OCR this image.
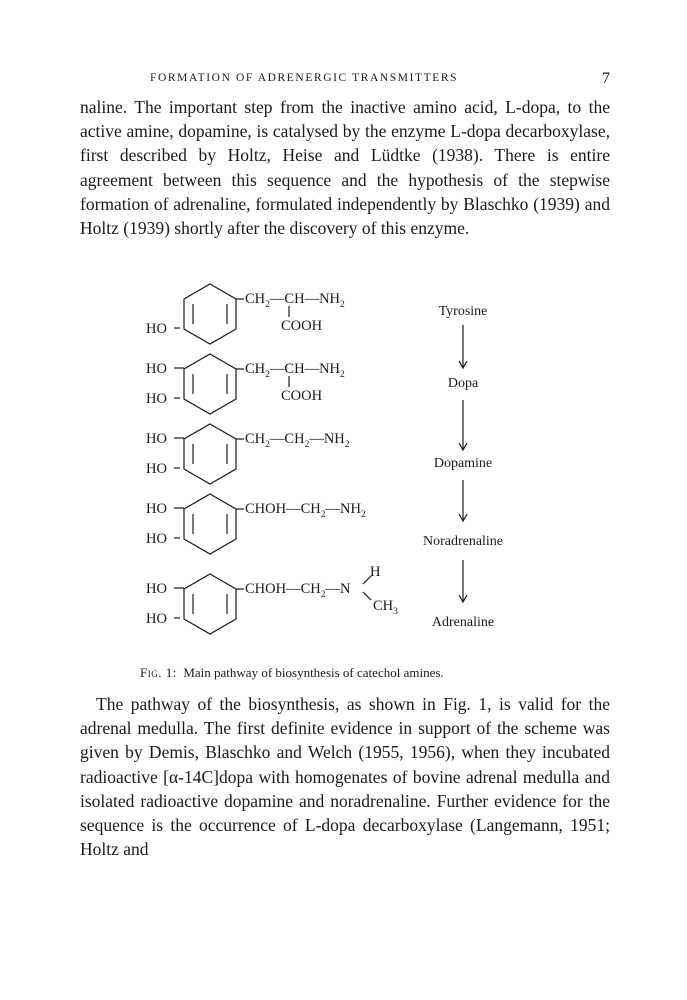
FORMATION OF ADRENERGIC TRANSMITTERS	7

naline. The important step from the inactive amino acid, L-dopa, to the active amine, dopamine, is catalysed by the enzyme L-dopa decarboxylase, first described by Holtz, Heise and Lüdtke (1938). There is entire agreement between this sequence and the hypothesis of the stepwise formation of adrenaline, formulated independently by Blaschko (1939) and Holtz (1939) shortly after the discovery of this enzyme.

HO
$CH_2—CH—NH_2$
COOH
HO
HO
$CH_2—CH—NH_2$
COOH
HO
HO
$CH_2—CH_2—NH_2$
HO
HO
$CHOH—CH_2—NH_2$
HO
HO
$CHOH—CH_2—N$
H
$CH_3$
Tyrosine
Dopa
Dopamine
Noradrenaline
Adrenaline
Fig. 1: Main pathway of biosynthesis of catechol amines.

The pathway of the biosynthesis, as shown in Fig. 1, is valid for the adrenal medulla. The first definite evidence in support of the scheme was given by Demis, Blaschko and Welch (1955, 1956), when they incubated radioactive [α-14C]dopa with homogenates of bovine adrenal medulla and isolated radioactive dopamine and noradrenaline. Further evidence for the sequence is the occurrence of L-dopa decarboxylase (Langemann, 1951; Holtz and
